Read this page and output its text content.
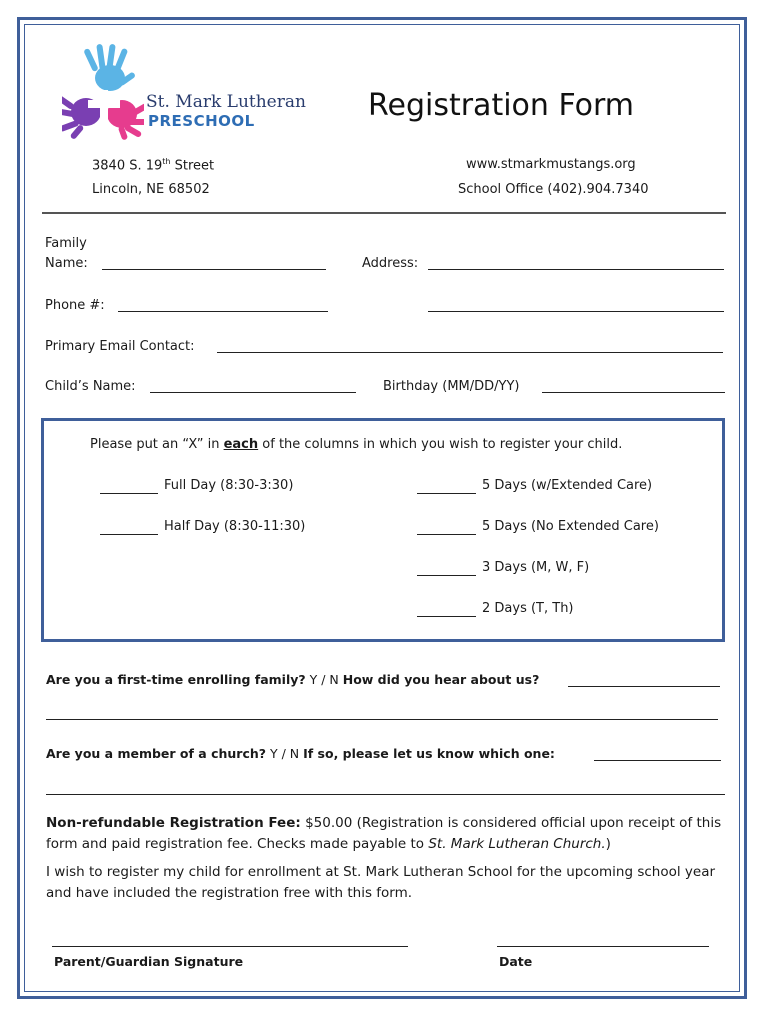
St. Mark Lutheran
PRESCHOOL	Registration Form
3840 S. 19th Street
Lincoln, NE 68502
www.stmarkmustangs.org
School Office (402).904.7340
Family
Name:	Address:
Phone #:
Primary Email Contact:
Child’s Name:	Birthday (MM/DD/YY)
Please put an “X” in each of the columns in which you wish to register your child.
Full Day (8:30-3:30)
Half Day (8:30-11:30)
5 Days (w/Extended Care)
5 Days (No Extended Care)
3 Days (M, W, F)
2 Days (T, Th)
Are you a first-time enrolling family? Y / N How did you hear about us?
Are you a member of a church? Y / N If so, please let us know which one:
Non-refundable Registration Fee: $50.00 (Registration is considered official upon receipt of this form and paid registration fee. Checks made payable to St. Mark Lutheran Church.)
I wish to register my child for enrollment at St. Mark Lutheran School for the upcoming school year and have included the registration free with this form.
Parent/Guardian Signature	Date
